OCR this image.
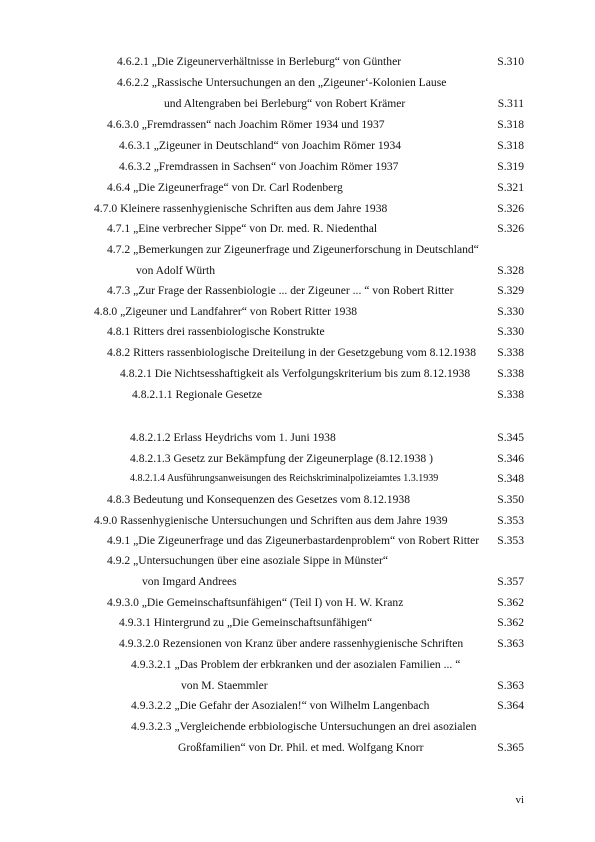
4.6.2.1 „Die Zigeunerverhältnisse in Berleburg“ von Günther	S.310
4.6.2.2 „Rassische Untersuchungen an den „Zigeuner‘-Kolonien Lause
und Altengraben bei Berleburg“ von Robert Krämer	S.311
4.6.3.0 „Fremdrassen“ nach Joachim Römer 1934 und 1937	S.318
4.6.3.1 „Zigeuner in Deutschland“ von Joachim Römer 1934	S.318
4.6.3.2 „Fremdrassen in Sachsen“ von Joachim Römer 1937	S.319
4.6.4 „Die Zigeunerfrage“ von Dr. Carl Rodenberg	S.321
4.7.0 Kleinere rassenhygienische Schriften aus dem Jahre 1938	S.326
4.7.1 „Eine verbrecher Sippe“ von Dr. med. R. Niedenthal	S.326
4.7.2 „Bemerkungen zur Zigeunerfrage und Zigeunerforschung in Deutschland“
von Adolf Würth	S.328
4.7.3 „Zur Frage der Rassenbiologie ... der Zigeuner ... “ von Robert Ritter	S.329
4.8.0 „Zigeuner und Landfahrer“ von Robert Ritter 1938	S.330
4.8.1 Ritters drei rassenbiologische Konstrukte	S.330
4.8.2 Ritters rassenbiologische Dreiteilung in der Gesetzgebung vom 8.12.1938 S.338
4.8.2.1 Die Nichtsesshaftigkeit als Verfolgungskriterium bis zum 8.12.1938 S.338
4.8.2.1.1 Regionale Gesetze	S.338
4.8.2.1.2 Erlass Heydrichs vom 1. Juni 1938	S.345
4.8.2.1.3 Gesetz zur Bekämpfung der Zigeunerplage (8.12.1938 )	S.346
4.8.2.1.4 Ausführungsanweisungen des Reichskriminalpolizeiamtes 1.3.1939	S.348
4.8.3 Bedeutung und Konsequenzen des Gesetzes vom 8.12.1938	S.350
4.9.0 Rassenhygienische Untersuchungen und Schriften aus dem Jahre 1939	S.353
4.9.1 „Die Zigeunerfrage und das Zigeunerbastardenproblem“ von Robert Ritter S.353
4.9.2 „Untersuchungen über eine asoziale Sippe in Münster“
von Imgard Andrees	S.357
4.9.3.0 „Die Gemeinschaftsunfähigen“ (Teil I) von H. W. Kranz	S.362
4.9.3.1 Hintergrund zu „Die Gemeinschaftsunfähigen“	S.362
4.9.3.2.0 Rezensionen von Kranz über andere rassenhygienische Schriften	S.363
4.9.3.2.1 „Das Problem der erbkranken und der asozialen Familien ... “
von M. Staemmler	S.363
4.9.3.2.2 „Die Gefahr der Asozialen!“ von Wilhelm Langenbach	S.364
4.9.3.2.3 „Vergleichende erbbiologische Untersuchungen an drei asozialen
Großfamilien“ von Dr. Phil. et med. Wolfgang Knorr	S.365
vi
